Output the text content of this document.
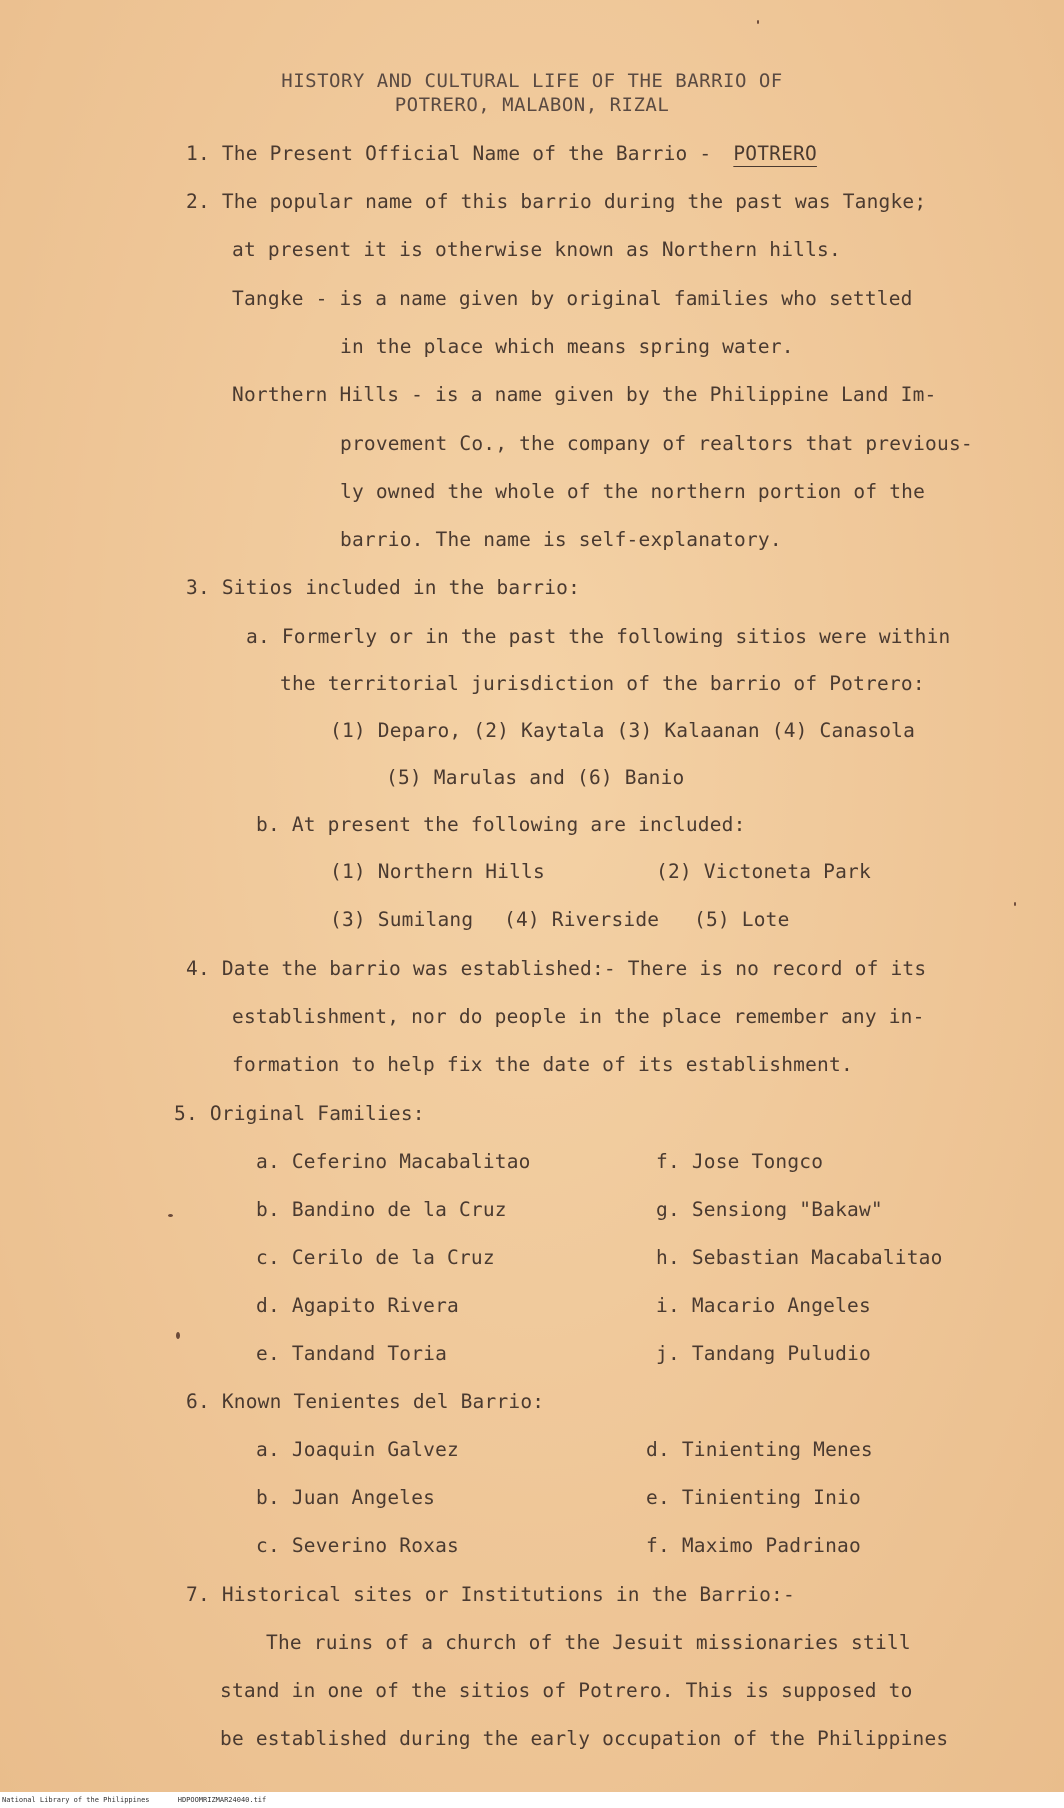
HISTORY AND CULTURAL LIFE OF THE BARRIO OF
POTRERO, MALABON, RIZAL
1. The Present Official Name of the Barrio - POTRERO
2. The popular name of this barrio during the past was Tangke;
at present it is otherwise known as Northern hills.
Tangke - is a name given by original families who settled
in the place which means spring water.
Northern Hills - is a name given by the Philippine Land Im-
provement Co., the company of realtors that previous-
ly owned the whole of the northern portion of the
barrio. The name is self-explanatory.
3. Sitios included in the barrio:
a. Formerly or in the past the following sitios were within
the territorial jurisdiction of the barrio of Potrero:
(1) Deparo, (2) Kaytala (3) Kalaanan (4) Canasola
(5) Marulas and (6) Banio
b. At present the following are included:
(1) Northern Hills	(2) Victoneta Park
(3) Sumilang (4) Riverside (5) Lote
4. Date the barrio was established:- There is no record of its
establishment, nor do people in the place remember any in-
formation to help fix the date of its establishment.
5. Original Families:
a. Ceferino Macabalitao
b. Bandino de la Cruz
c. Cerilo de la Cruz
d. Agapito Rivera
e. Tandand Toria
f. Jose Tongco
g. Sensiong "Bakaw"
h. Sebastian Macabalitao
i. Macario Angeles
j. Tandang Puludio
6. Known Tenientes del Barrio:
a. Joaquin Galvez
b. Juan Angeles
c. Severino Roxas
d. Tinienting Menes
e. Tinienting Inio
f. Maximo Padrinao
7. Historical sites or Institutions in the Barrio:-
The ruins of a church of the Jesuit missionaries still
stand in one of the sitios of Potrero. This is supposed to
be established during the early occupation of the Philippines
National Library of the Philippines	HDPOOMRIZMAR24040.tif
